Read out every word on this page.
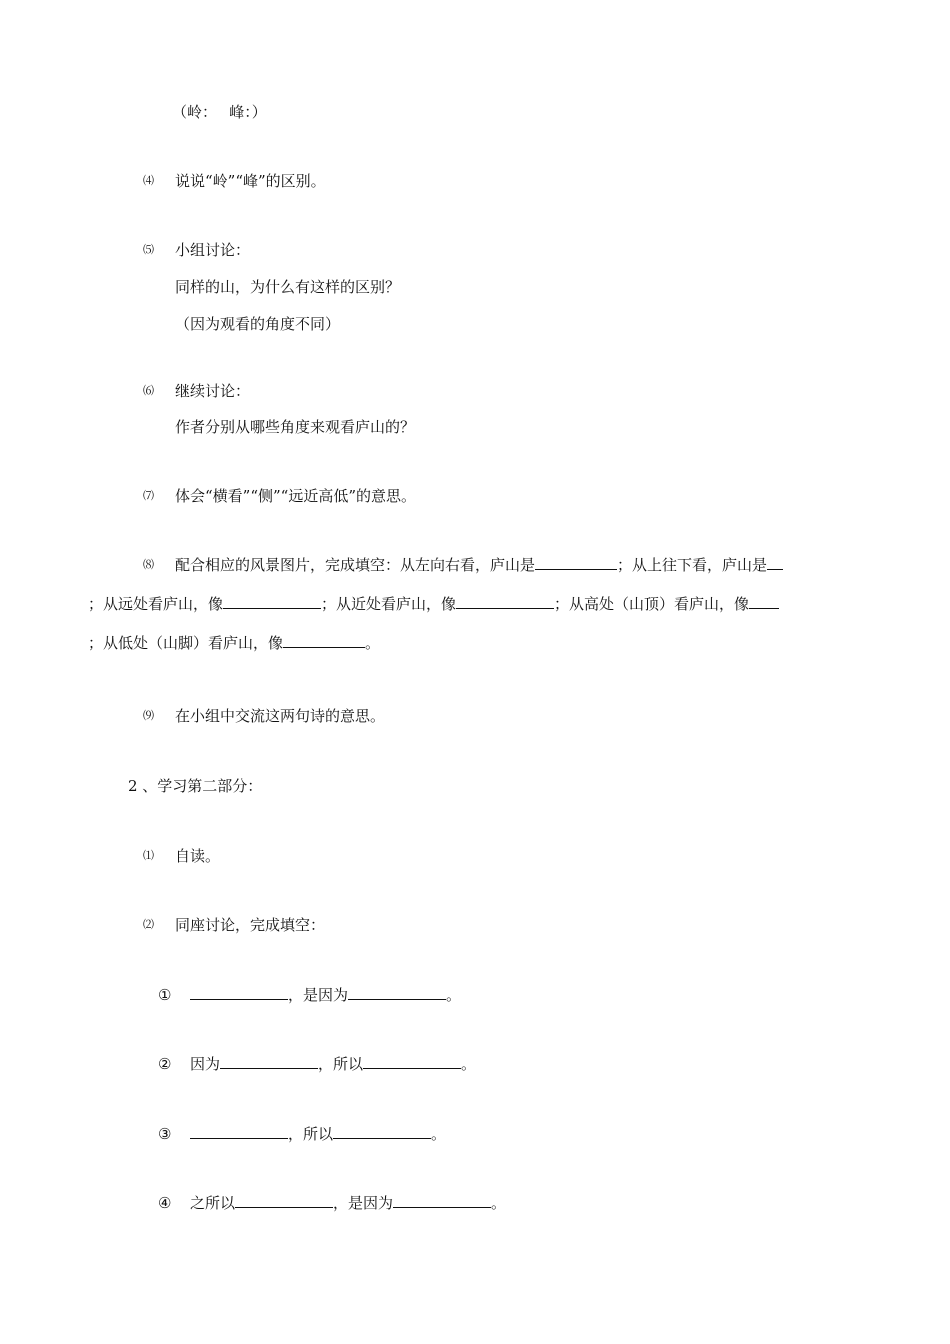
（岭：　 峰：）
⑷ 说说“岭”“峰”的区别。
⑸ 小组讨论：
同样的山，为什么有这样的区别？
（因为观看的角度不同）
⑹ 继续讨论：
作者分别从哪些角度来观看庐山的？
⑺ 体会“横看”“侧”“远近高低”的意思。
⑻ 配合相应的风景图片，完成填空：从左向右看，庐山是	；从上往下看，庐山是
；从远处看庐山，像	；从近处看庐山，像	；从高处（山顶）看庐山，像
；从低处（山脚）看庐山，像	。
⑼ 在小组中交流这两句诗的意思。
2 、学习第二部分：
⑴ 自读。
⑵ 同座讨论，完成填空：
①	，是因为	。
② 因为	，所以	。
③	，所以	。
④ 之所以	，是因为	。
